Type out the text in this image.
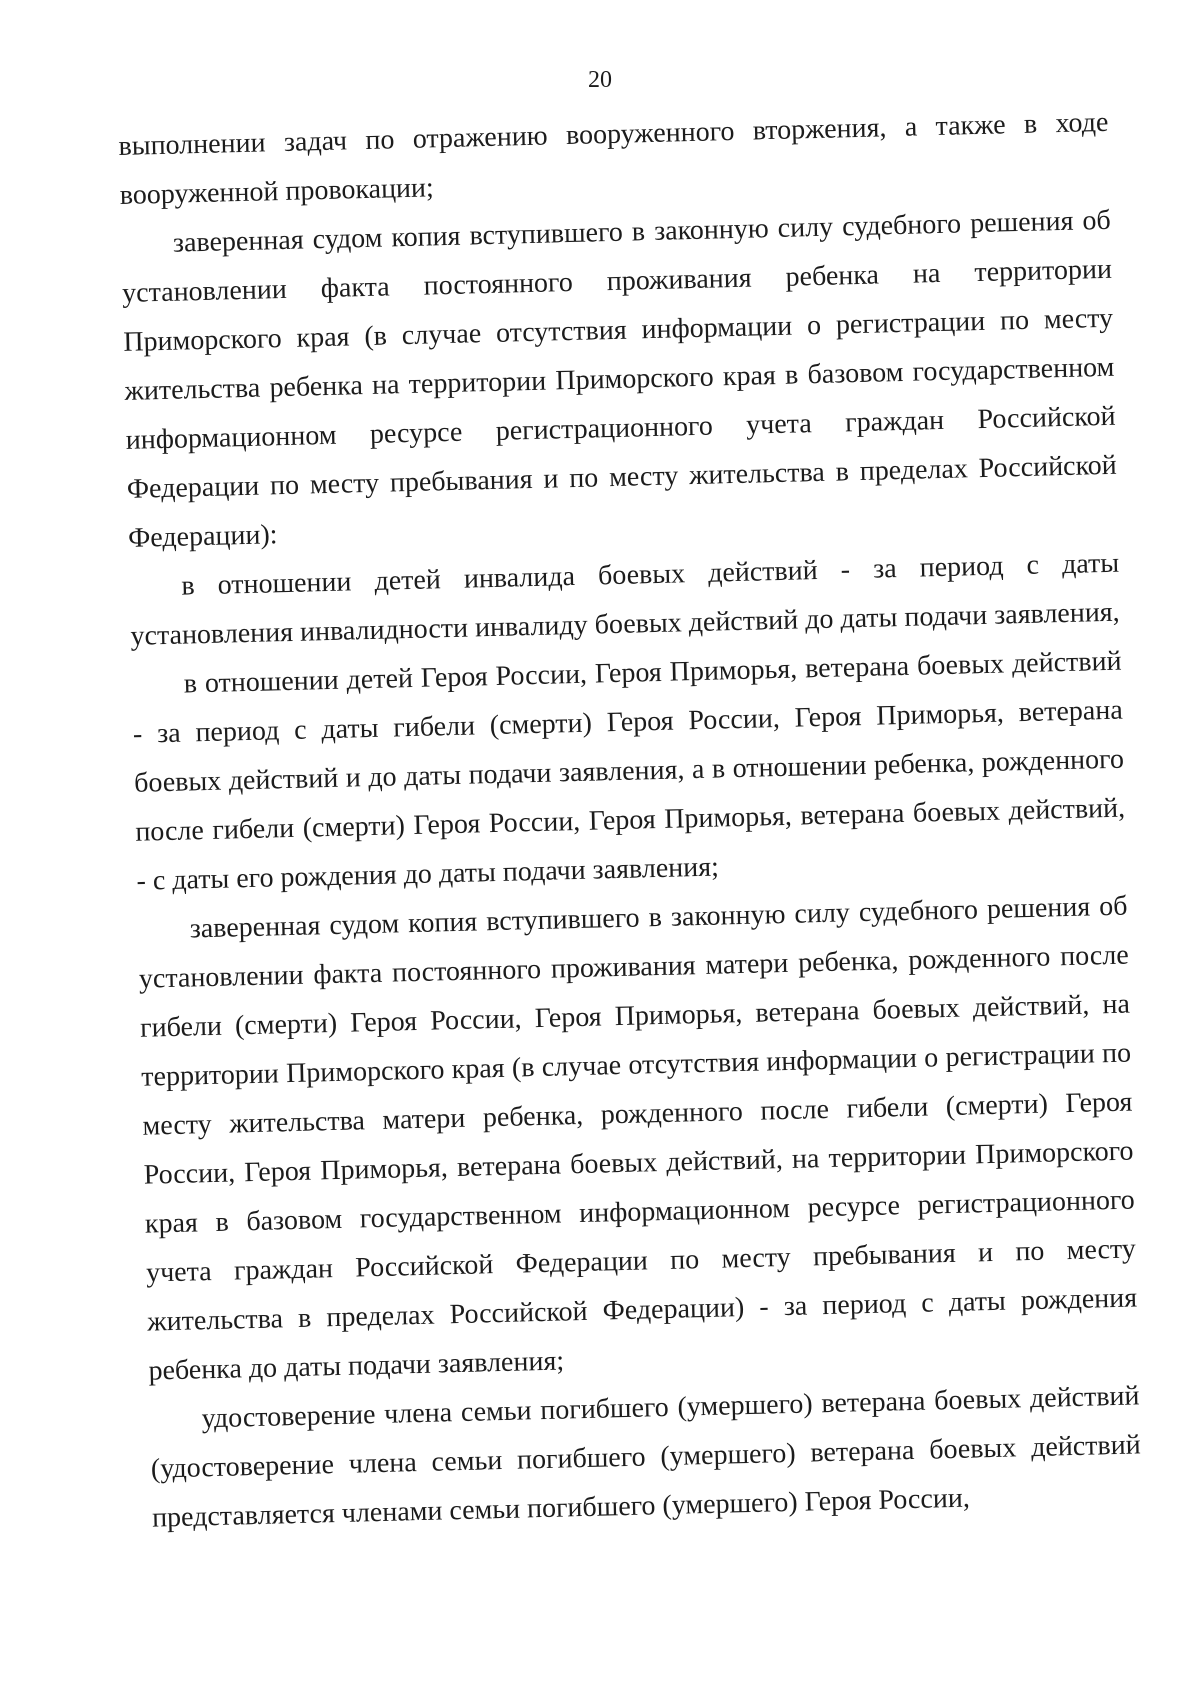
20

выполнении задач по отражению вооруженного вторжения, а также в ходе вооруженной провокации;

заверенная судом копия вступившего в законную силу судебного решения об установлении факта постоянного проживания ребенка на территории Приморского края (в случае отсутствия информации о регистрации по месту жительства ребенка на территории Приморского края в базовом государственном информационном ресурсе регистрационного учета граждан Российской Федерации по месту пребывания и по месту жительства в пределах Российской Федерации):

в отношении детей инвалида боевых действий - за период с даты установления инвалидности инвалиду боевых действий до даты подачи заявления,

в отношении детей Героя России, Героя Приморья, ветерана боевых действий - за период с даты гибели (смерти) Героя России, Героя Приморья, ветерана боевых действий и до даты подачи заявления, а в отношении ребенка, рожденного после гибели (смерти) Героя России, Героя Приморья, ветерана боевых действий, - с даты его рождения до даты подачи заявления;

заверенная судом копия вступившего в законную силу судебного решения об установлении факта постоянного проживания матери ребенка, рожденного после гибели (смерти) Героя России, Героя Приморья, ветерана боевых действий, на территории Приморского края (в случае отсутствия информации о регистрации по месту жительства матери ребенка, рожденного после гибели (смерти) Героя России, Героя Приморья, ветерана боевых действий, на территории Приморского края в базовом государственном информационном ресурсе регистрационного учета граждан Российской Федерации по месту пребывания и по месту жительства в пределах Российской Федерации) - за период с даты рождения ребенка до даты подачи заявления;

удостоверение члена семьи погибшего (умершего) ветерана боевых действий (удостоверение члена семьи погибшего (умершего) ветерана боевых действий представляется членами семьи погибшего (умершего) Героя России,
